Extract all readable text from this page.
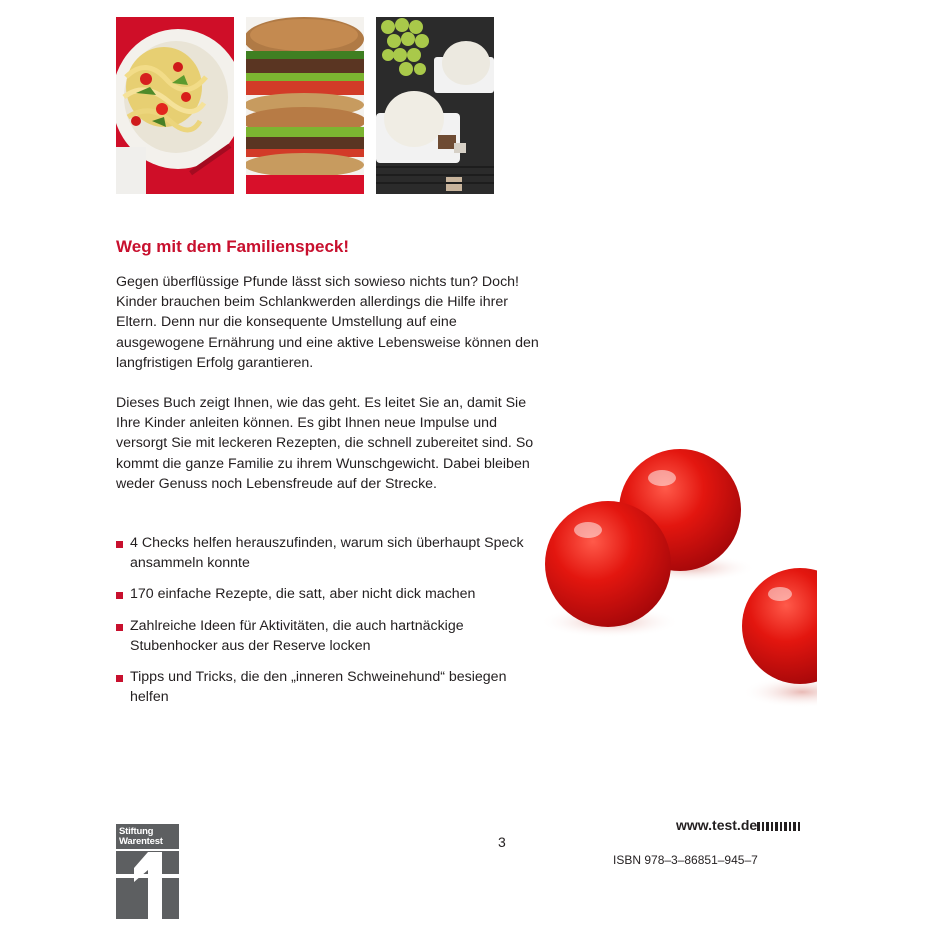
Weg mit dem Familienspeck!

Gegen überflüssige Pfunde lässt sich sowieso nichts tun? Doch! Kinder brauchen beim Schlankwerden allerdings die Hilfe ihrer Eltern. Denn nur die konsequente Umstellung auf eine ausgewogene Ernährung und eine aktive Lebensweise können den langfristigen Erfolg garantieren.

Dieses Buch zeigt Ihnen, wie das geht. Es leitet Sie an, damit Sie Ihre Kinder anleiten können. Es gibt Ihnen neue Impulse und versorgt Sie mit leckeren Rezepten, die schnell zubereitet sind. So kommt die ganze Familie zu ihrem Wunschgewicht. Dabei bleiben weder Genuss noch Lebensfreude auf der Strecke.

4 Checks helfen herauszufinden, warum sich überhaupt Speck ansammeln konnte
170 einfache Rezepte, die satt, aber nicht dick machen
Zahlreiche Ideen für Aktivitäten, die auch hartnäckige Stubenhocker aus der Reserve locken
Tipps und Tricks, die den „inneren Schweinehund“ besiegen helfen
3
www.test.de
ISBN 978–3–86851–945–7
Stiftung
Warentest
